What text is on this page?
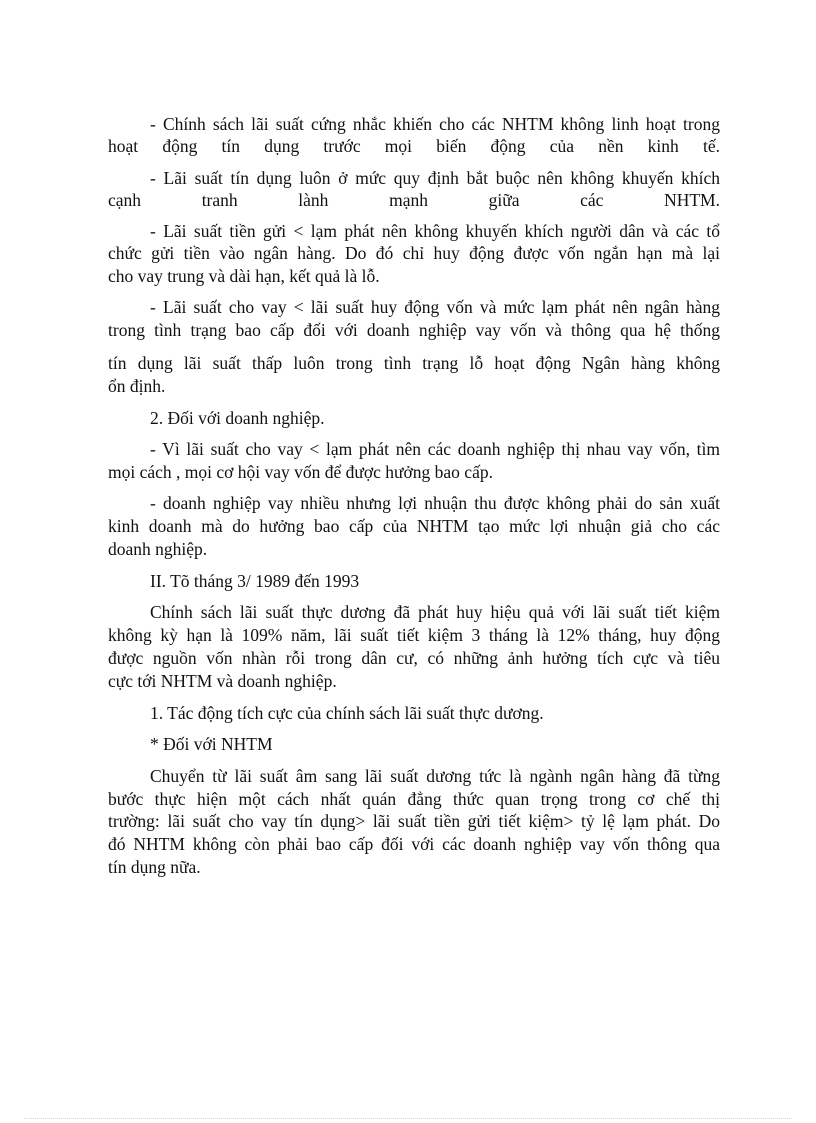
- Chính sách lãi suất cứng nhắc khiến cho các NHTM không linh hoạt trong

hoạt động tín dụng trước mọi biến động của nền kinh tế.

- Lãi suất tín dụng luôn ở mức quy định bắt buộc nên không khuyến khích

cạnh tranh lành mạnh giữa các NHTM.

- Lãi suất tiền gửi < lạm phát nên không khuyến khích người dân và các tổ

chức gửi tiền vào ngân hàng. Do đó chỉ huy động được vốn ngắn hạn mà lại

cho vay trung và dài hạn, kết quả là lỗ.

- Lãi suất cho vay < lãi suất huy động vốn và mức lạm phát nên ngân hàng

trong tình trạng bao cấp đối với doanh nghiệp vay vốn và thông qua hệ thống

tín dụng lãi suất thấp luôn trong tình trạng lỗ hoạt động Ngân hàng không

ổn định.

2. Đối với doanh nghiệp.

- Vì lãi suất cho vay < lạm phát nên các doanh nghiệp thị nhau vay vốn, tìm

mọi cách , mọi cơ hội vay vốn để được hưởng bao cấp.

- doanh nghiệp vay nhiều nhưng lợi nhuận thu được không phải do sản xuất

kinh doanh mà do hưởng bao cấp của NHTM tạo mức lợi nhuận giả cho các

doanh nghiệp.

II. Tõ tháng 3/ 1989 đến 1993

Chính sách lãi suất thực dương đã phát huy hiệu quả với lãi suất tiết kiệm

không kỳ hạn là 109% năm, lãi suất tiết kiệm 3 tháng là 12% tháng, huy động

được nguồn vốn nhàn rỗi trong dân cư, có những ảnh hưởng tích cực và tiêu

cực tới NHTM và doanh nghiệp.

1. Tác động tích cực của chính sách lãi suất thực dương.

* Đối với NHTM

Chuyển từ lãi suất âm sang lãi suất dương tức là ngành ngân hàng đã từng

bước thực hiện một cách nhất quán đẳng thức quan trọng trong cơ chế thị

trường: lãi suất cho vay tín dụng> lãi suất tiền gửi tiết kiệm> tỷ lệ lạm phát. Do

đó NHTM không còn phải bao cấp đối với các doanh nghiệp vay vốn thông qua

tín dụng nữa.
